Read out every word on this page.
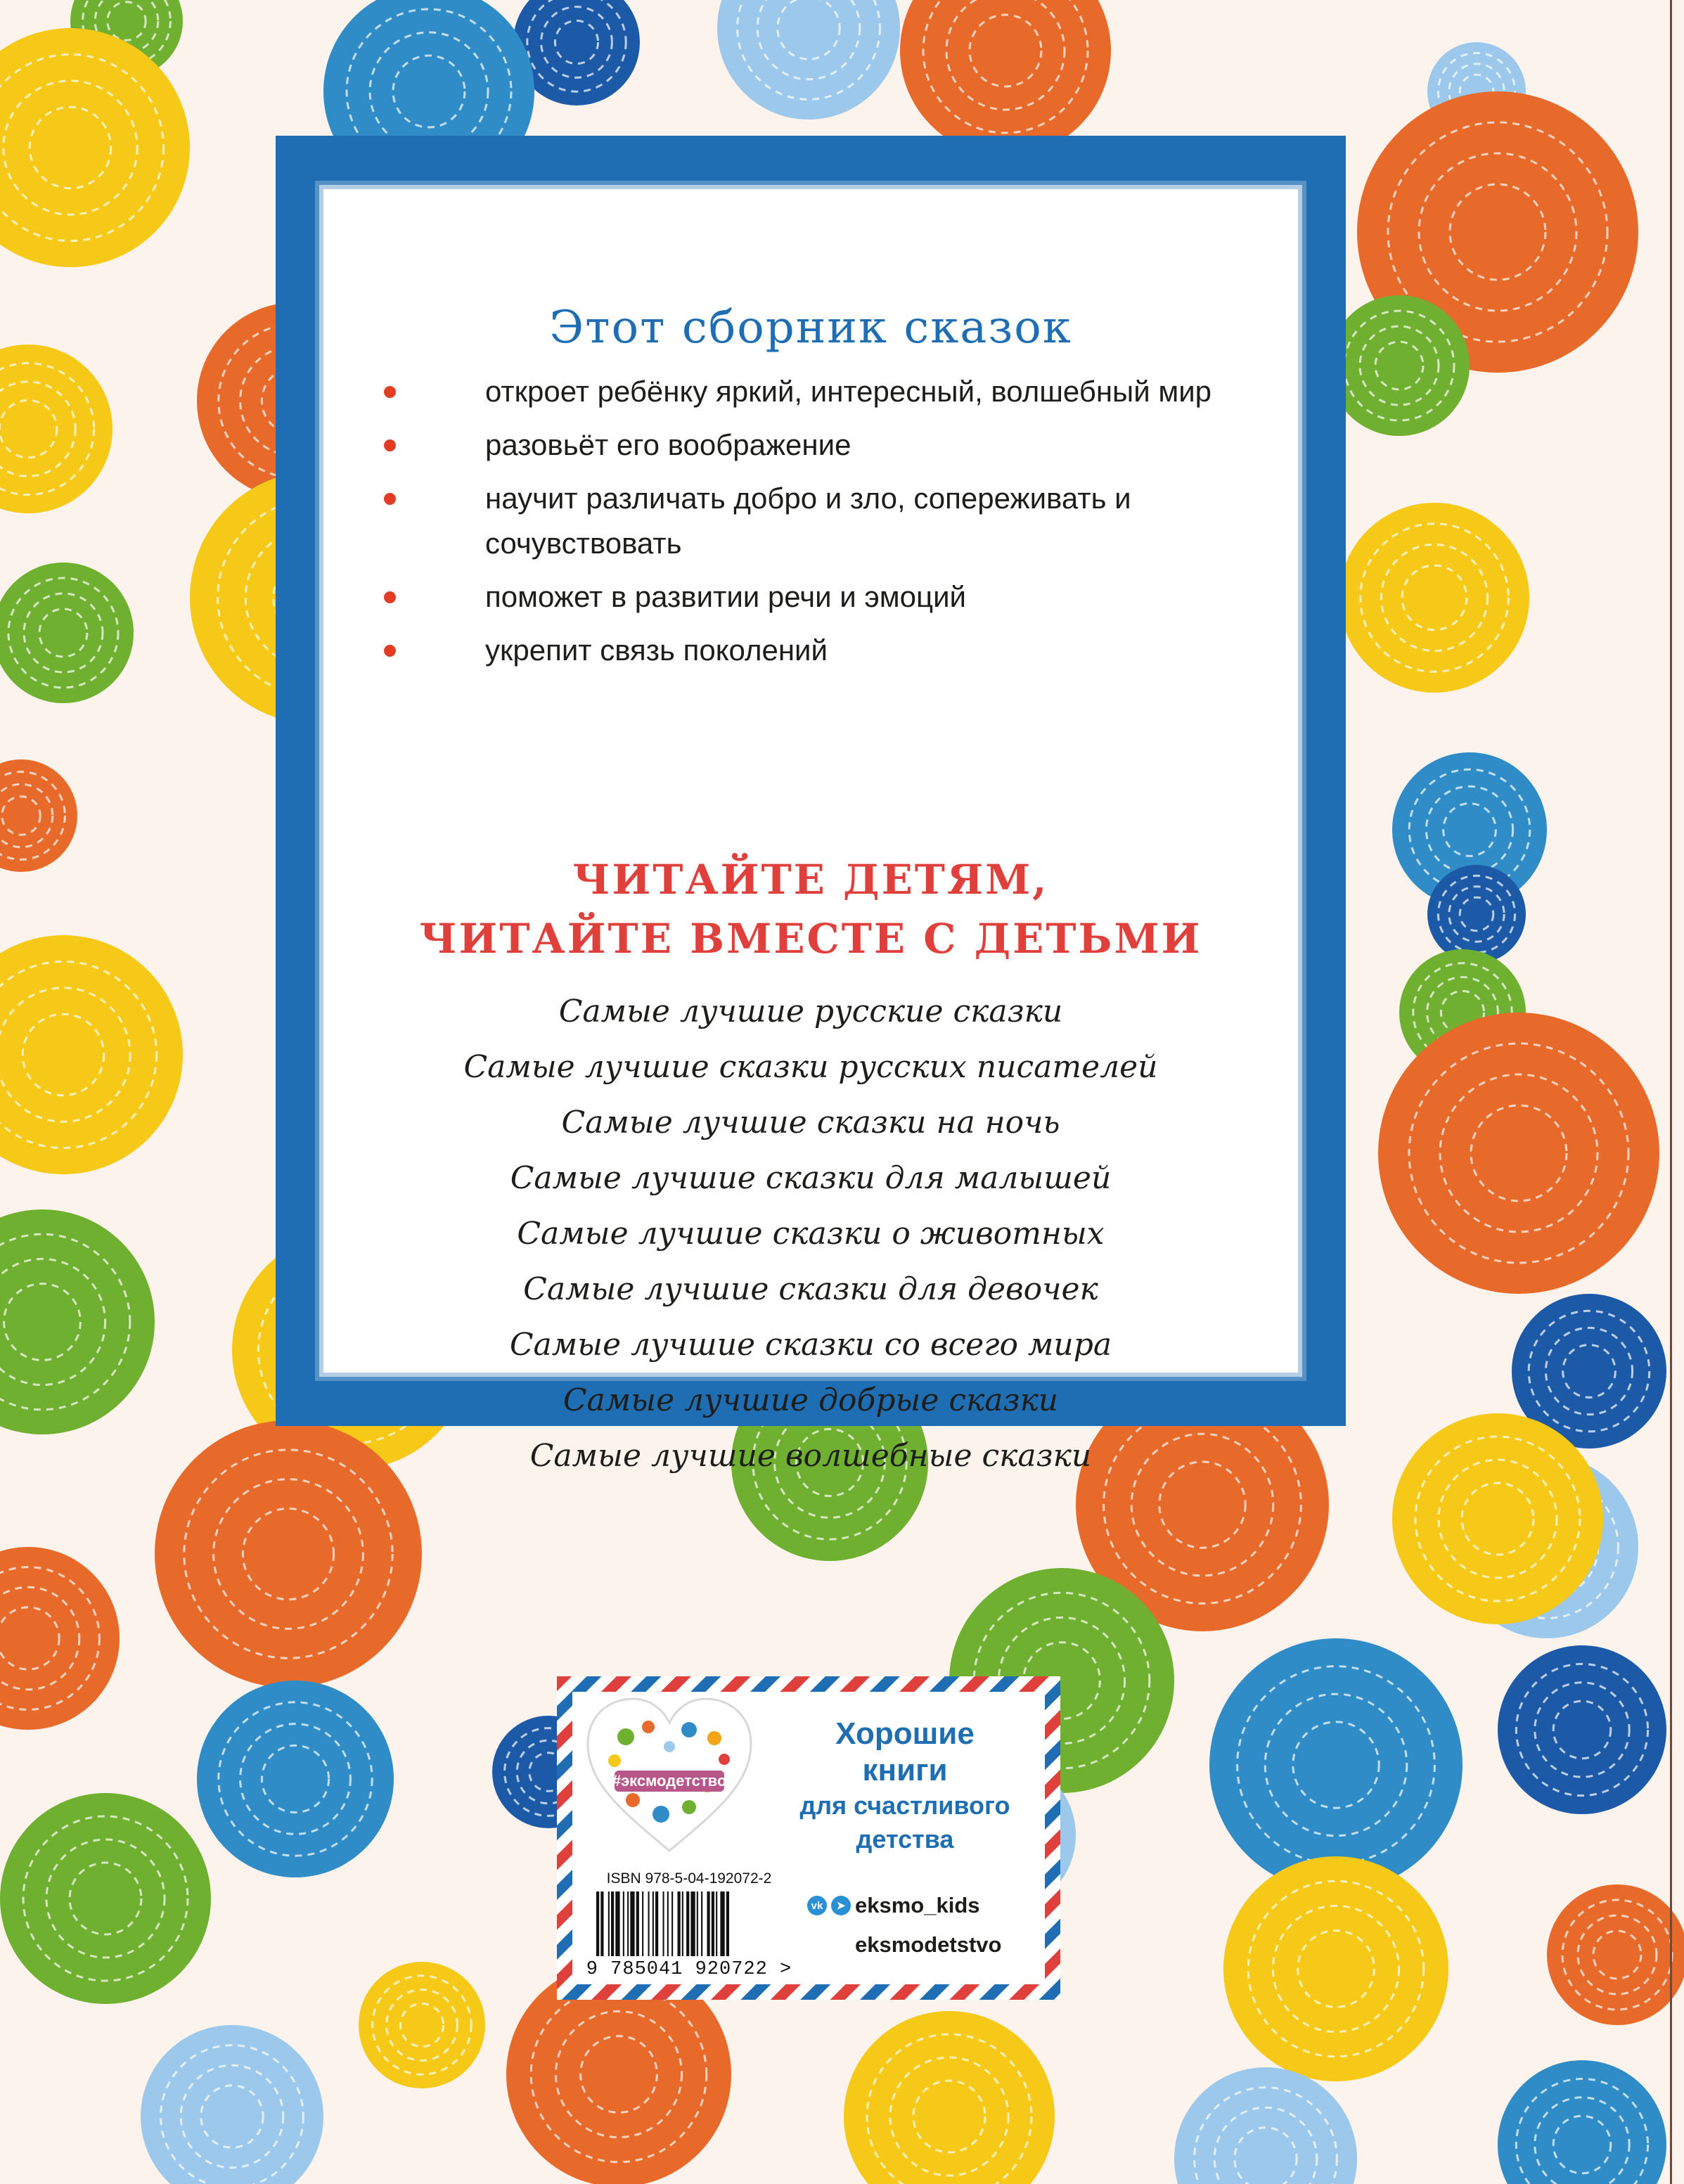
Этот сборник сказок
откроет ребёнку яркий, интересный, волшебный мир
разовьёт его воображение
научит различать добро и зло, сопереживать и сочувствовать
поможет в развитии речи и эмоций
укрепит связь поколений
ЧИТАЙТЕ ДЕТЯМ,
ЧИТАЙТЕ ВМЕСТЕ С ДЕТЬМИ
Самые лучшие русские сказки
Самые лучшие сказки русских писателей
Самые лучшие сказки на ночь
Самые лучшие сказки для малышей
Самые лучшие сказки о животных
Самые лучшие сказки для девочек
Самые лучшие сказки со всего мира
Самые лучшие добрые сказки
Самые лучшие волшебные сказки
#эксмодетство
ISBN 978-5-04-192072-2
9 785041 920722 >
Хорошие
книги
для счастливого
детства
vk	➤ eksmo_kids
eksmodetstvo
